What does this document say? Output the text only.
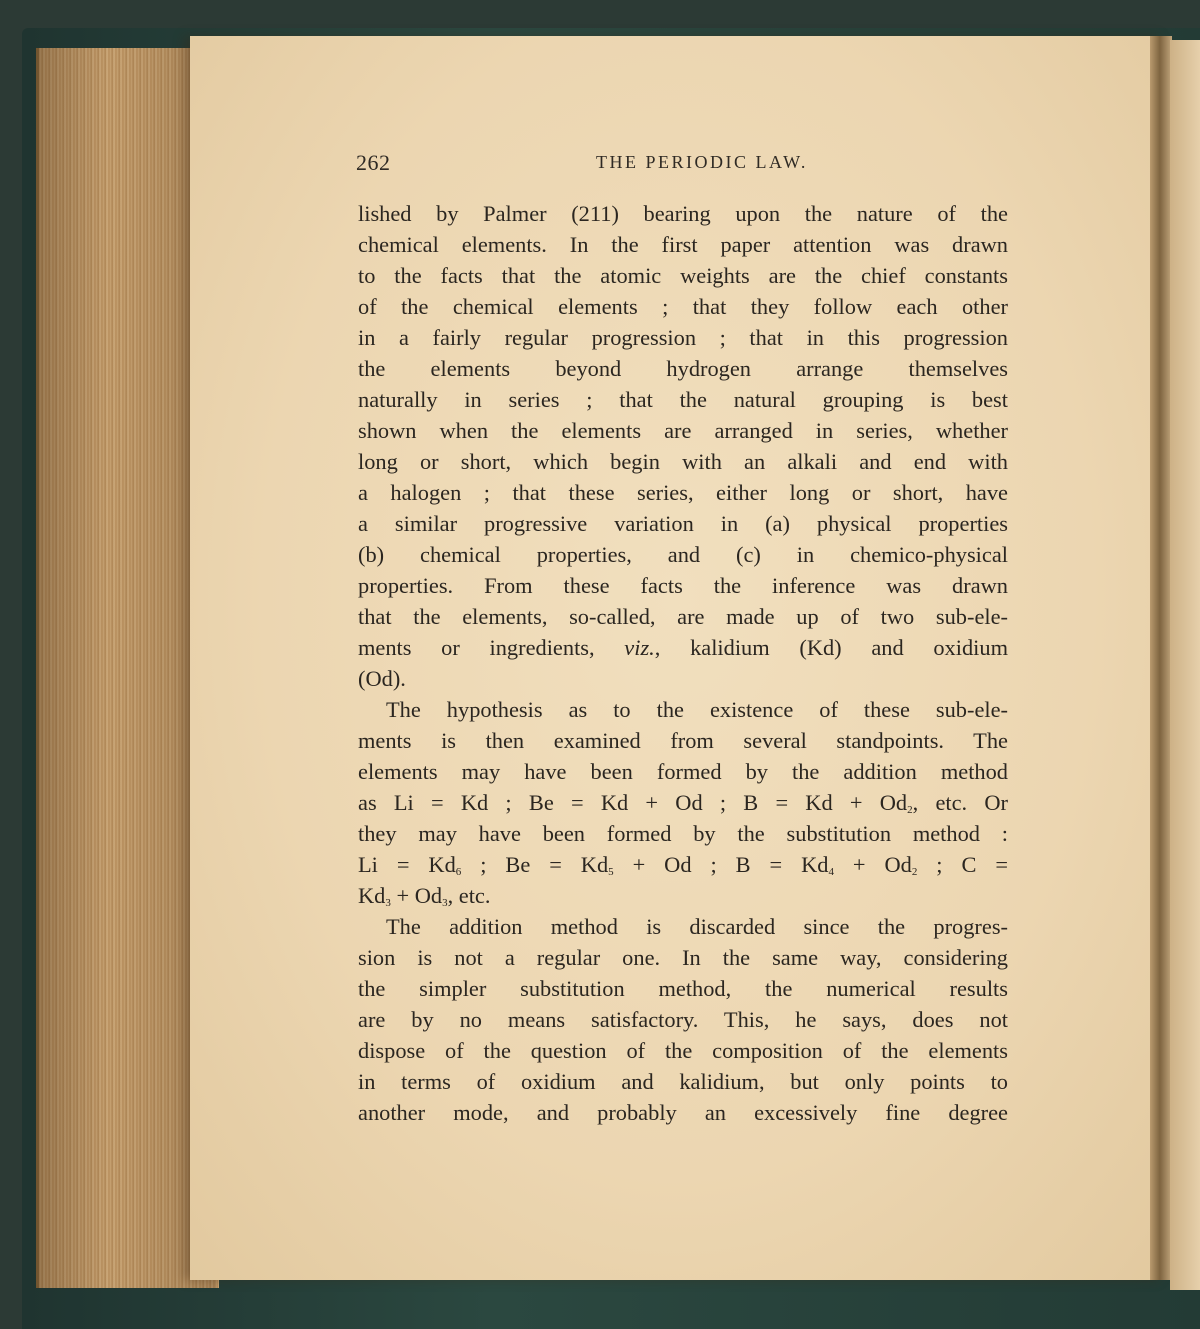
262	THE PERIODIC LAW.
lished by Palmer (211) bearing upon the nature of the
chemical elements. In the first paper attention was drawn
to the facts that the atomic weights are the chief constants
of the chemical elements ; that they follow each other
in a fairly regular progression ; that in this progression
the elements beyond hydrogen arrange themselves
naturally in series ; that the natural grouping is best
shown when the elements are arranged in series, whether
long or short, which begin with an alkali and end with
a halogen ; that these series, either long or short, have
a similar progressive variation in (a) physical properties
(b) chemical properties, and (c) in chemico-physical
properties. From these facts the inference was drawn
that the elements, so-called, are made up of two sub-ele-
ments or ingredients, viz., kalidium (Kd) and oxidium
(Od).
The hypothesis as to the existence of these sub-ele-
ments is then examined from several standpoints. The
elements may have been formed by the addition method
as Li = Kd ; Be = Kd + Od ; $B = Kd + Od_2$, etc. Or
they may have been formed by the substitution method :
$Li = Kd_6$ ; $Be = Kd_5 + Od$ ; $B = Kd_4 + Od_2$ ; C =
$Kd_3 + Od_3$, etc.
The addition method is discarded since the progres-
sion is not a regular one. In the same way, considering
the simpler substitution method, the numerical results
are by no means satisfactory. This, he says, does not
dispose of the question of the composition of the elements
in terms of oxidium and kalidium, but only points to
another mode, and probably an excessively fine degree
